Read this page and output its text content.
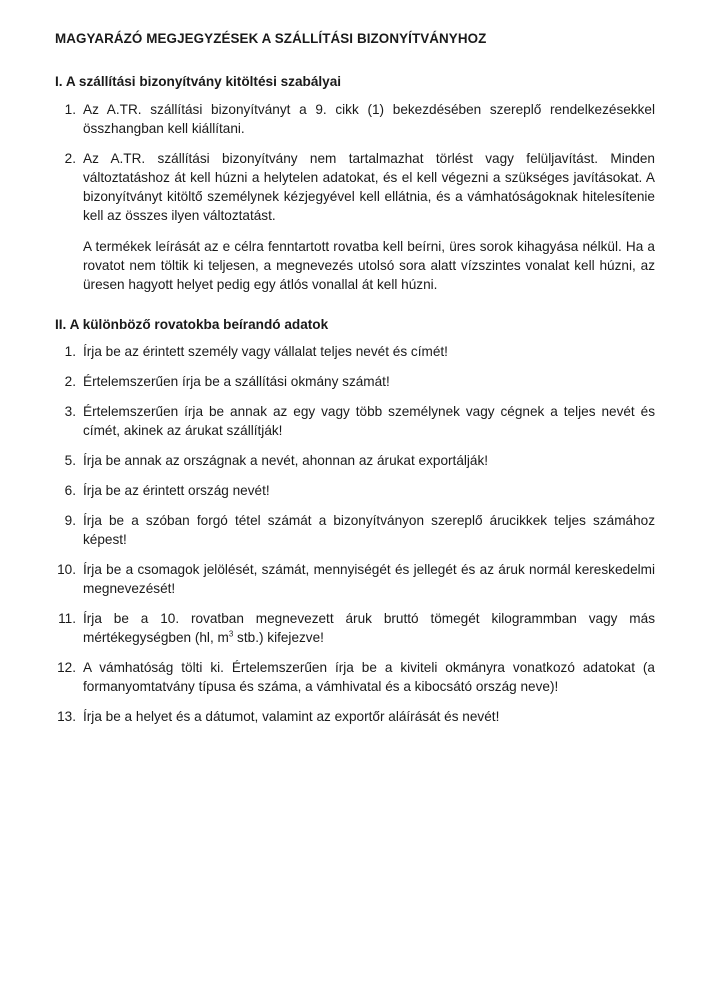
MAGYARÁZÓ MEGJEGYZÉSEK A SZÁLLÍTÁSI BIZONYÍTVÁNYHOZ
I. A szállítási bizonyítvány kitöltési szabályai
1. Az A.TR. szállítási bizonyítványt a 9. cikk (1) bekezdésében szereplő rendelkezésekkel összhangban kell kiállítani.
2. Az A.TR. szállítási bizonyítvány nem tartalmazhat törlést vagy felüljavítást. Minden változtatáshoz át kell húzni a helytelen adatokat, és el kell végezni a szükséges javításokat. A bizonyítványt kitöltő személynek kézjegyével kell ellátnia, és a vámhatóságoknak hitelesítenie kell az összes ilyen változtatást.
A termékek leírását az e célra fenntartott rovatba kell beírni, üres sorok kihagyása nélkül. Ha a rovatot nem töltik ki teljesen, a megnevezés utolsó sora alatt vízszintes vonalat kell húzni, az üresen hagyott helyet pedig egy átlós vonallal át kell húzni.
II. A különböző rovatokba beírandó adatok
1. Írja be az érintett személy vagy vállalat teljes nevét és címét!
2. Értelemszerűen írja be a szállítási okmány számát!
3. Értelemszerűen írja be annak az egy vagy több személynek vagy cégnek a teljes nevét és címét, akinek az árukat szállítják!
5. Írja be annak az országnak a nevét, ahonnan az árukat exportálják!
6. Írja be az érintett ország nevét!
9. Írja be a szóban forgó tétel számát a bizonyítványon szereplő árucikkek teljes számához képest!
10. Írja be a csomagok jelölését, számát, mennyiségét és jellegét és az áruk normál kereskedelmi megnevezését!
11. Írja be a 10. rovatban megnevezett áruk bruttó tömegét kilogrammban vagy más mértékegységben (hl, $m^3$ stb.) kifejezve!
12. A vámhatóság tölti ki. Értelemszerűen írja be a kiviteli okmányra vonatkozó adatokat (a formanyomtatvány típusa és száma, a vámhivatal és a kibocsátó ország neve)!
13. Írja be a helyet és a dátumot, valamint az exportőr aláírását és nevét!
